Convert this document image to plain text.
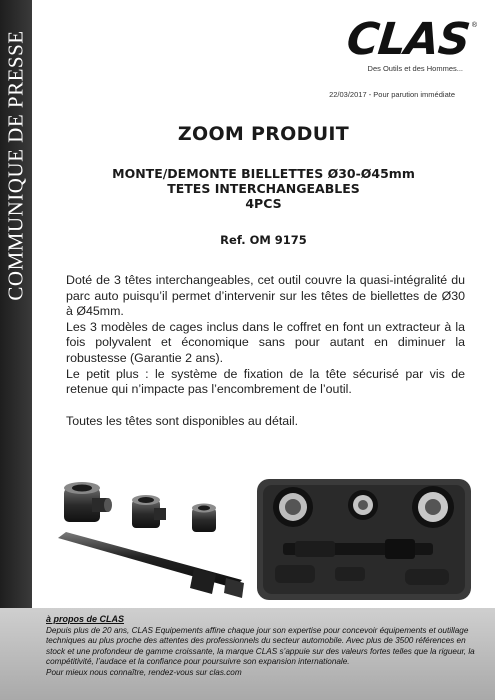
COMMUNIQUE DE PRESSE	CLAS ®
Des Outils et des Hommes...
22/03/2017 - Pour parution immédiate
ZOOM PRODUIT
MONTE/DEMONTE BIELLETTES Ø30-Ø45mm
TETES INTERCHANGEABLES
4PCS
Ref. OM 9175

Doté de 3 têtes interchangeables, cet outil couvre la quasi-intégralité du parc auto puisqu’il permet d’intervenir sur les têtes de biellettes de Ø30 à Ø45mm.

Les 3 modèles de cages inclus dans le coffret en font un extracteur à la fois polyvalent et économique sans pour autant en diminuer la robustesse (Garantie 2 ans).

Le petit plus : le système de fixation de la tête sécurisé par vis de retenue qui n’impacte pas l’encombrement de l’outil.

Toutes les têtes sont disponibles au détail.

à propos de CLAS
Depuis plus de 20 ans, CLAS Equipements affine chaque jour son expertise pour concevoir équipements et outillage techniques au plus proche des attentes des professionnels du secteur automobile. Avec plus de 3500 références en stock et une profondeur de gamme croissante, la marque CLAS s’appuie sur des valeurs fortes telles que la rigueur, la compétitivité, l’audace et la confiance pour poursuivre son expansion internationale.
Pour mieux nous connaître, rendez-vous sur clas.com
